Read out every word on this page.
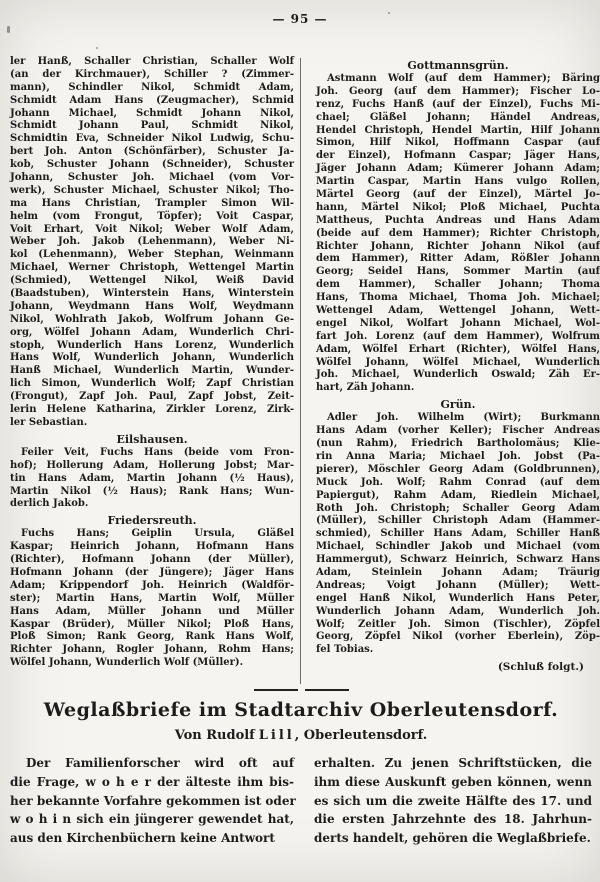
— 95 —
ler Hanß, Schaller Christian, Schaller Wolf
(an der Kirchmauer), Schiller ? (Zimmer-
mann), Schindler Nikol, Schmidt Adam,
Schmidt Adam Hans (Zeugmacher), Schmid
Johann Michael, Schmidt Johann Nikol,
Schmidt Johann Paul, Schmidt Nikol,
Schmidtin Eva, Schneider Nikol Ludwig, Schu-
bert Joh. Anton (Schönfärber), Schuster Ja-
kob, Schuster Johann (Schneider), Schuster
Johann, Schuster Joh. Michael (vom Vor-
werk), Schuster Michael, Schuster Nikol; Tho-
ma Hans Christian, Trampler Simon Wil-
helm (vom Frongut, Töpfer); Voit Caspar,
Voit Erhart, Voit Nikol; Weber Wolf Adam,
Weber Joh. Jakob (Lehenmann), Weber Ni-
kol (Lehenmann), Weber Stephan, Weinmann
Michael, Werner Christoph, Wettengel Martin
(Schmied), Wettengel Nikol, Weiß David
(Baadstuben), Winterstein Hans, Winterstein
Johann, Weydmann Hans Wolf, Weydmann
Nikol, Wohlrath Jakob, Wolfrum Johann Ge-
org, Wölfel Johann Adam, Wunderlich Chri-
stoph, Wunderlich Hans Lorenz, Wunderlich
Hans Wolf, Wunderlich Johann, Wunderlich
Hanß Michael, Wunderlich Martin, Wunder-
lich Simon, Wunderlich Wolf; Zapf Christian
(Frongut), Zapf Joh. Paul, Zapf Jobst, Zeit-
lerin Helene Katharina, Zirkler Lorenz, Zirk-
ler Sebastian.
Eilshausen.
Feiler Veit, Fuchs Hans (beide vom Fron-
hof); Hollerung Adam, Hollerung Jobst; Mar-
tin Hans Adam, Martin Johann (½ Haus),
Martin Nikol (½ Haus); Rank Hans; Wun-
derlich Jakob.
Friedersreuth.
Fuchs Hans; Geiplin Ursula, Gläßel
Kaspar; Heinrich Johann, Hofmann Hans
(Richter), Hofmann Johann (der Müller),
Hofmann Johann (der Jüngere); Jäger Hans
Adam; Krippendorf Joh. Heinrich (Waldför-
ster); Martin Hans, Martin Wolf, Müller
Hans Adam, Müller Johann und Müller
Kaspar (Brüder), Müller Nikol; Ploß Hans,
Ploß Simon; Rank Georg, Rank Hans Wolf,
Richter Johann, Rogler Johann, Rohm Hans;
Wölfel Johann, Wunderlich Wolf (Müller).
Gottmannsgrün.
Astmann Wolf (auf dem Hammer); Bäring
Joh. Georg (auf dem Hammer); Fischer Lo-
renz, Fuchs Hanß (auf der Einzel), Fuchs Mi-
chael; Gläßel Johann; Händel Andreas,
Hendel Christoph, Hendel Martin, Hilf Johann
Simon, Hilf Nikol, Hoffmann Caspar (auf
der Einzel), Hofmann Caspar; Jäger Hans,
Jäger Johann Adam; Kümerer Johann Adam;
Martin Caspar, Martin Hans vulgo Rollen,
Märtel Georg (auf der Einzel), Märtel Jo-
hann, Märtel Nikol; Ploß Michael, Puchta
Mattheus, Puchta Andreas und Hans Adam
(beide auf dem Hammer); Richter Christoph,
Richter Johann, Richter Johann Nikol (auf
dem Hammer), Ritter Adam, Rößler Johann
Georg; Seidel Hans, Sommer Martin (auf
dem Hammer), Schaller Johann; Thoma
Hans, Thoma Michael, Thoma Joh. Michael;
Wettengel Adam, Wettengel Johann, Wett-
engel Nikol, Wolfart Johann Michael, Wol-
fart Joh. Lorenz (auf dem Hammer), Wolfrum
Adam, Wölfel Erhart (Richter), Wölfel Hans,
Wölfel Johann, Wölfel Michael, Wunderlich
Joh. Michael, Wunderlich Oswald; Zäh Er-
hart, Zäh Johann.
Grün.
Adler Joh. Wilhelm (Wirt); Burkmann
Hans Adam (vorher Keller); Fischer Andreas
(nun Rahm), Friedrich Bartholomäus; Klie-
rin Anna Maria; Michael Joh. Jobst (Pa-
pierer), Möschler Georg Adam (Goldbrunnen),
Muck Joh. Wolf; Rahm Conrad (auf dem
Papiergut), Rahm Adam, Riedlein Michael,
Roth Joh. Christoph; Schaller Georg Adam
(Müller), Schiller Christoph Adam (Hammer-
schmied), Schiller Hans Adam, Schiller Hanß
Michael, Schindler Jakob und Michael (vom
Hammergut), Schwarz Heinrich, Schwarz Hans
Adam, Steinlein Johann Adam; Träurig
Andreas; Voigt Johann (Müller); Wett-
engel Hanß Nikol, Wunderlich Hans Peter,
Wunderlich Johann Adam, Wunderlich Joh.
Wolf; Zeitler Joh. Simon (Tischler), Zöpfel
Georg, Zöpfel Nikol (vorher Eberlein), Zöp-
fel Tobias.
(Schluß folgt.)
Weglaßbriefe im Stadtarchiv Oberleutensdorf.
Von Rudolf Lill, Oberleutensdorf.
Der Familienforscher wird oft auf
die Frage, w o h e r der älteste ihm bis-
her bekannte Vorfahre gekommen ist oder
w o h i n sich ein jüngerer gewendet hat,
aus den Kirchenbüchern keine Antwort
erhalten. Zu jenen Schriftstücken, die
ihm diese Auskunft geben können, wenn
es sich um die zweite Hälfte des 17. und
die ersten Jahrzehnte des 18. Jahrhun-
derts handelt, gehören die Weglaßbriefe.
